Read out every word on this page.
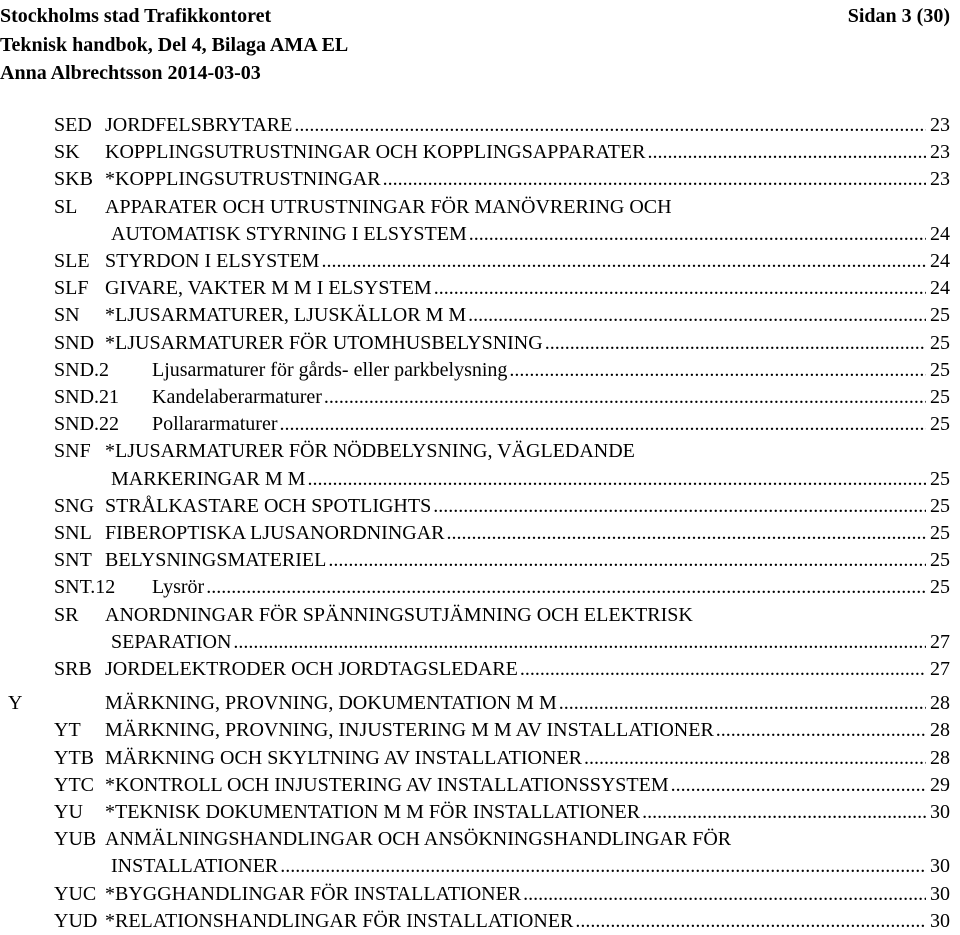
Stockholms stad Trafikkontoret	Sidan 3 (30)
Teknisk handbok, Del 4, Bilaga AMA EL
Anna Albrechtsson 2014-03-03
SED JORDFELSBRYTARE .....	23
SK KOPPLINGSUTRUSTNINGAR OCH KOPPLINGSAPPARATER .....	23
SKB *KOPPLINGSUTRUSTNINGAR .....	23
SL APPARATER OCH UTRUSTNINGAR FÖR MANÖVRERING OCH
AUTOMATISK STYRNING I ELSYSTEM .....	24
SLE STYRDON I ELSYSTEM .....	24
SLF GIVARE, VAKTER M M I ELSYSTEM .....	24
SN *LJUSARMATURER, LJUSKÄLLOR M M .....	25
SND *LJUSARMATURER FÖR UTOMHUSBELYSNING .....	25
SND.2 Ljusarmaturer för gårds- eller parkbelysning .....	25
SND.21 Kandelaberarmaturer .....	25
SND.22 Pollararmaturer .....	25
SNF *LJUSARMATURER FÖR NÖDBELYSNING, VÄGLEDANDE
MARKERINGAR M M .....	25
SNG STRÅLKASTARE OCH SPOTLIGHTS .....	25
SNL FIBEROPTISKA LJUSANORDNINGAR .....	25
SNT BELYSNINGSMATERIEL .....	25
SNT.12 Lysrör .....	25
SR ANORDNINGAR FÖR SPÄNNINGSUTJÄMNING OCH ELEKTRISK
SEPARATION .....	27
SRB JORDELEKTRODER OCH JORDTAGSLEDARE .....	27
Y	MÄRKNING, PROVNING, DOKUMENTATION M M .....	28
YT MÄRKNING, PROVNING, INJUSTERING M M AV INSTALLATIONER .....	28
YTB MÄRKNING OCH SKYLTNING AV INSTALLATIONER .....	28
YTC *KONTROLL OCH INJUSTERING AV INSTALLATIONSSYSTEM .....	29
YU *TEKNISK DOKUMENTATION M M FÖR INSTALLATIONER .....	30
YUB ANMÄLNINGSHANDLINGAR OCH ANSÖKNINGSHANDLINGAR FÖR
INSTALLATIONER .....	30
YUC *BYGGHANDLINGAR FÖR INSTALLATIONER .....	30
YUD *RELATIONSHANDLINGAR FÖR INSTALLATIONER .....	30
